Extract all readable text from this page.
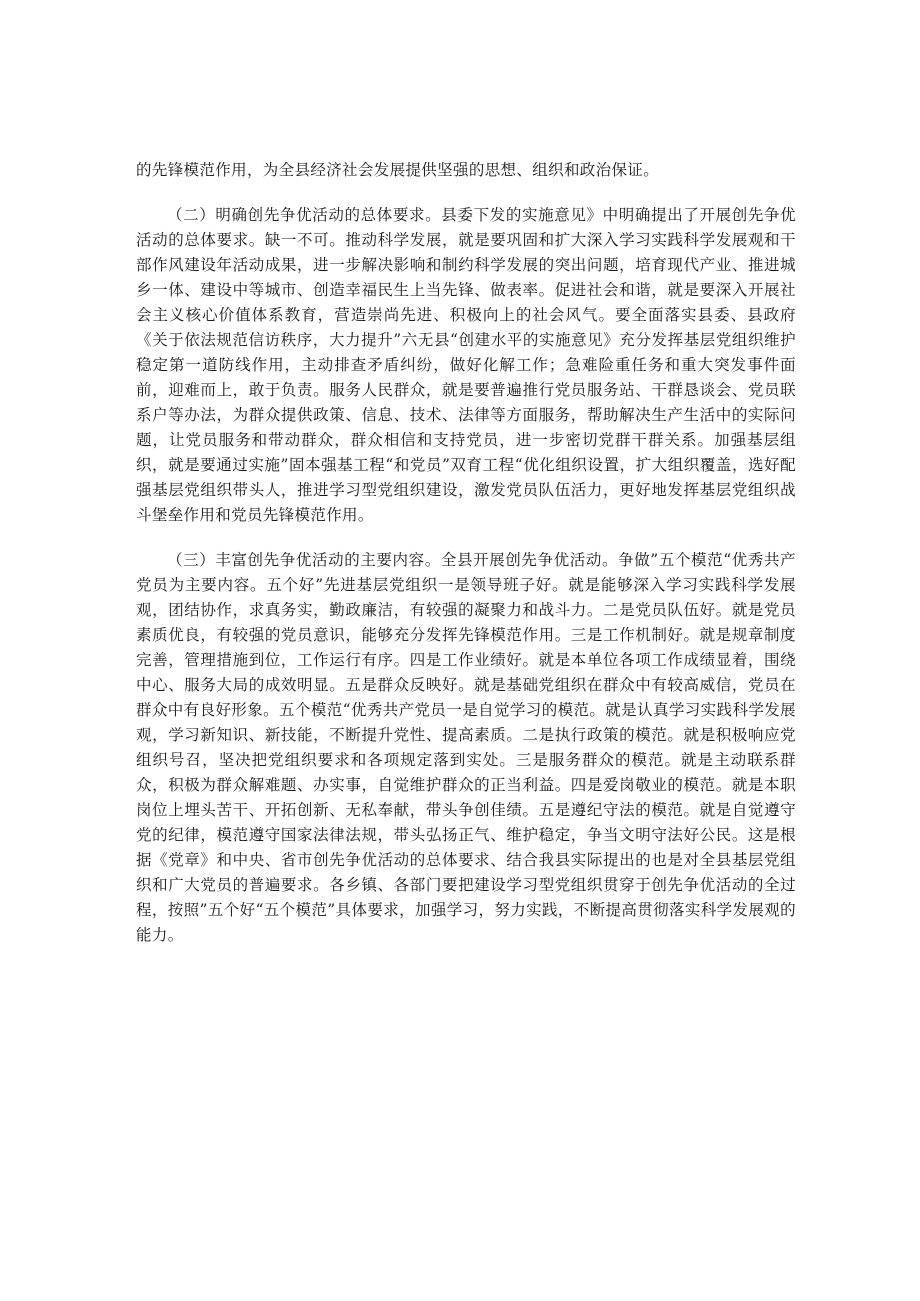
的先锋模范作用，为全县经济社会发展提供坚强的思想、组织和政治保证。

（二）明确创先争优活动的总体要求。县委下发的实施意见》中明确提出了开展创先争优活动的总体要求。缺一不可。推动科学发展，就是要巩固和扩大深入学习实践科学发展观和干部作风建设年活动成果，进一步解决影响和制约科学发展的突出问题，培育现代产业、推进城乡一体、建设中等城市、创造幸福民生上当先锋、做表率。促进社会和谐，就是要深入开展社会主义核心价值体系教育，营造崇尚先进、积极向上的社会风气。要全面落实县委、县政府《关于依法规范信访秩序，大力提升”六无县“创建水平的实施意见》充分发挥基层党组织维护稳定第一道防线作用，主动排查矛盾纠纷，做好化解工作；急难险重任务和重大突发事件面前，迎难而上，敢于负责。服务人民群众，就是要普遍推行党员服务站、干群恳谈会、党员联系户等办法，为群众提供政策、信息、技术、法律等方面服务，帮助解决生产生活中的实际问题，让党员服务和带动群众，群众相信和支持党员，进一步密切党群干群关系。加强基层组织，就是要通过实施”固本强基工程“和党员”双育工程“优化组织设置，扩大组织覆盖，选好配强基层党组织带头人，推进学习型党组织建设，激发党员队伍活力，更好地发挥基层党组织战斗堡垒作用和党员先锋模范作用。

（三）丰富创先争优活动的主要内容。全县开展创先争优活动。争做”五个模范“优秀共产党员为主要内容。五个好”先进基层党组织一是领导班子好。就是能够深入学习实践科学发展观，团结协作，求真务实，勤政廉洁，有较强的凝聚力和战斗力。二是党员队伍好。就是党员素质优良，有较强的党员意识，能够充分发挥先锋模范作用。三是工作机制好。就是规章制度完善，管理措施到位，工作运行有序。四是工作业绩好。就是本单位各项工作成绩显着，围绕中心、服务大局的成效明显。五是群众反映好。就是基础党组织在群众中有较高威信，党员在群众中有良好形象。五个模范“优秀共产党员一是自觉学习的模范。就是认真学习实践科学发展观，学习新知识、新技能，不断提升党性、提高素质。二是执行政策的模范。就是积极响应党组织号召，坚决把党组织要求和各项规定落到实处。三是服务群众的模范。就是主动联系群众，积极为群众解难题、办实事，自觉维护群众的正当利益。四是爱岗敬业的模范。就是本职岗位上埋头苦干、开拓创新、无私奉献，带头争创佳绩。五是遵纪守法的模范。就是自觉遵守党的纪律，模范遵守国家法律法规，带头弘扬正气、维护稳定，争当文明守法好公民。这是根据《党章》和中央、省市创先争优活动的总体要求、结合我县实际提出的也是对全县基层党组织和广大党员的普遍要求。各乡镇、各部门要把建设学习型党组织贯穿于创先争优活动的全过程，按照”五个好“五个模范”具体要求，加强学习，努力实践，不断提高贯彻落实科学发展观的能力。
